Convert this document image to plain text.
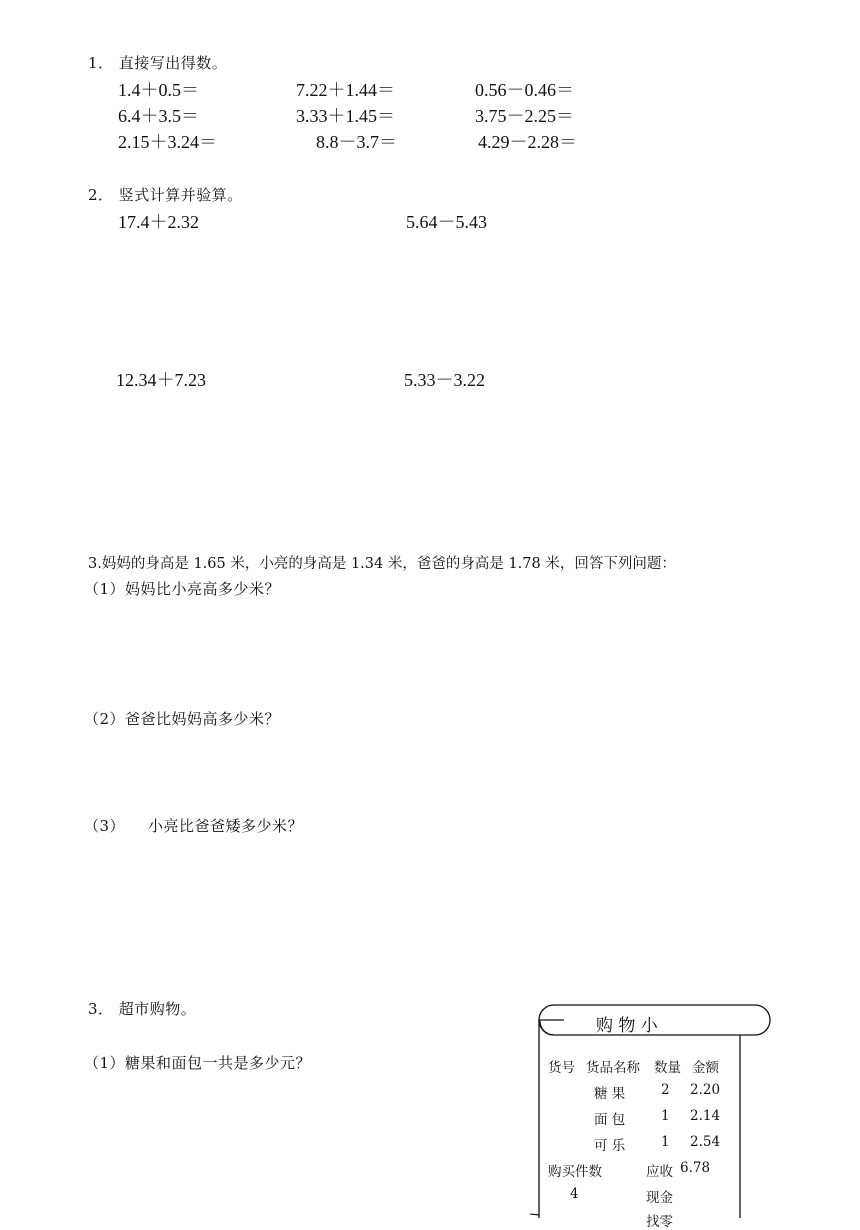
1． 直接写出得数。
1.4＋0.5＝	7.22＋1.44＝	0.56－0.46＝
6.4＋3.5＝	3.33＋1.45＝	3.75－2.25＝
2.15＋3.24＝	8.8－3.7＝	4.29－2.28＝
2． 竖式计算并验算。
17.4＋2.32	5.64－5.43
12.34＋7.23	5.33－3.22
3.妈妈的身高是 1.65 米，小亮的身高是 1.34 米，爸爸的身高是 1.78 米，回答下列问题：
（1）妈妈比小亮高多少米？
（2）爸爸比妈妈高多少米？
（3） 小亮比爸爸矮多少米？
3． 超市购物。
（1）糖果和面包一共是多少元？
购 物 小
货号 货品名称 数量 金额
糖 果	2 2.20
面 包	1 2.14
可 乐	1 2.54
购买件数	应收 6.78
4	现金
找零
